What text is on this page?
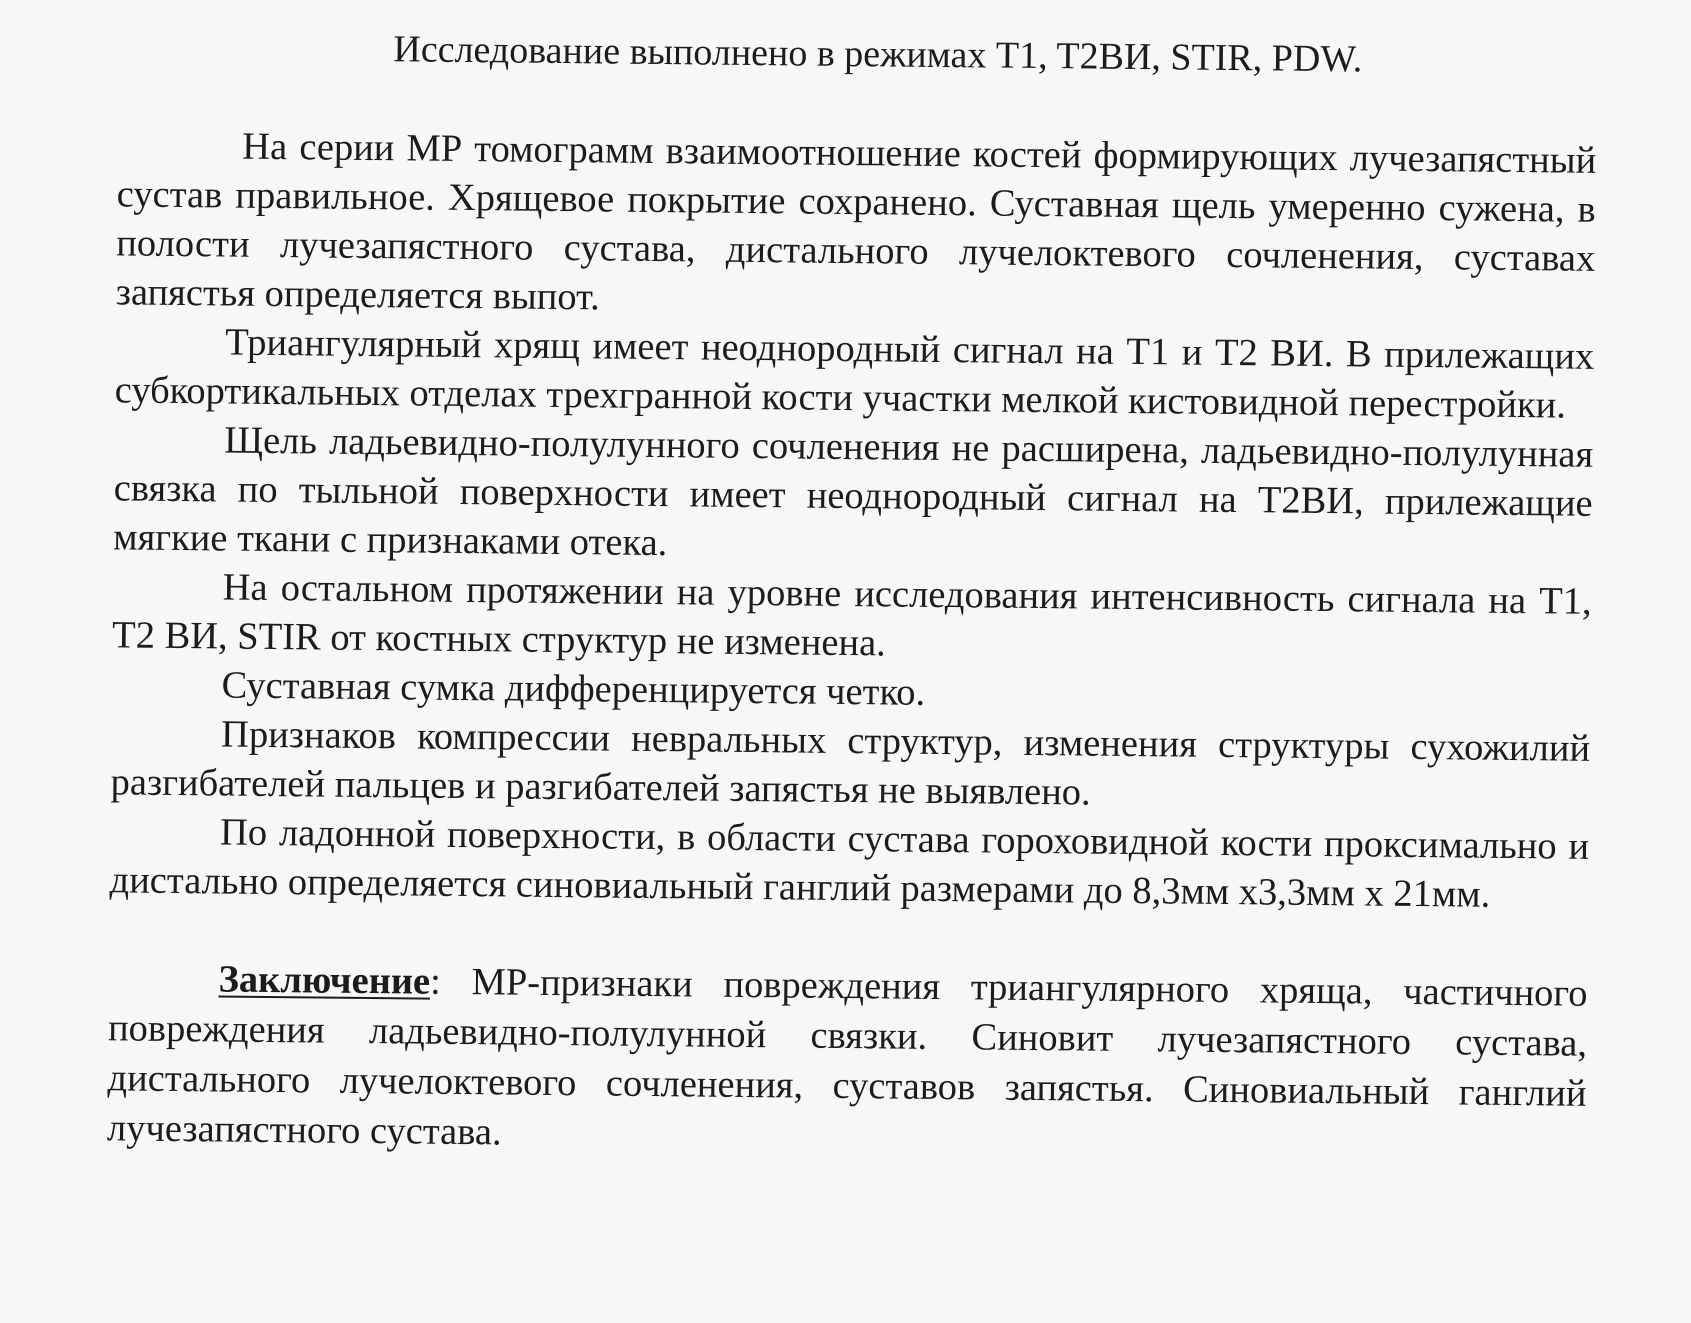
Исследование выполнено в режимах T1, T2ВИ, STIR, PDW.

На серии МР томограмм взаимоотношение костей формирующих лучезапястный сустав правильное. Хрящевое покрытие сохранено. Суставная щель умеренно сужена, в полости лучезапястного сустава, дистального лучелоктевого сочленения, суставах запястья определяется выпот.

Триангулярный хрящ имеет неоднородный сигнал на T1 и T2 ВИ. В прилежащих субкортикальных отделах трехгранной кости участки мелкой кистовидной перестройки.

Щель ладьевидно-полулунного сочленения не расширена, ладьевидно-полулунная связка по тыльной поверхности имеет неоднородный сигнал на T2ВИ, прилежащие мягкие ткани с признаками отека.

На остальном протяжении на уровне исследования интенсивность сигнала на T1, T2 ВИ, STIR от костных структур не изменена.

Суставная сумка дифференцируется четко.

Признаков компрессии невральных структур, изменения структуры сухожилий разгибателей пальцев и разгибателей запястья не выявлено.

По ладонной поверхности, в области сустава гороховидной кости проксимально и дистально определяется синовиальный ганглий размерами до 8,3мм х3,3мм х 21мм.

Заключение: МР-признаки повреждения триангулярного хряща, частичного повреждения ладьевидно-полулунной связки. Синовит лучезапястного сустава, дистального лучелоктевого сочленения, суставов запястья. Синовиальный ганглий лучезапястного сустава.
